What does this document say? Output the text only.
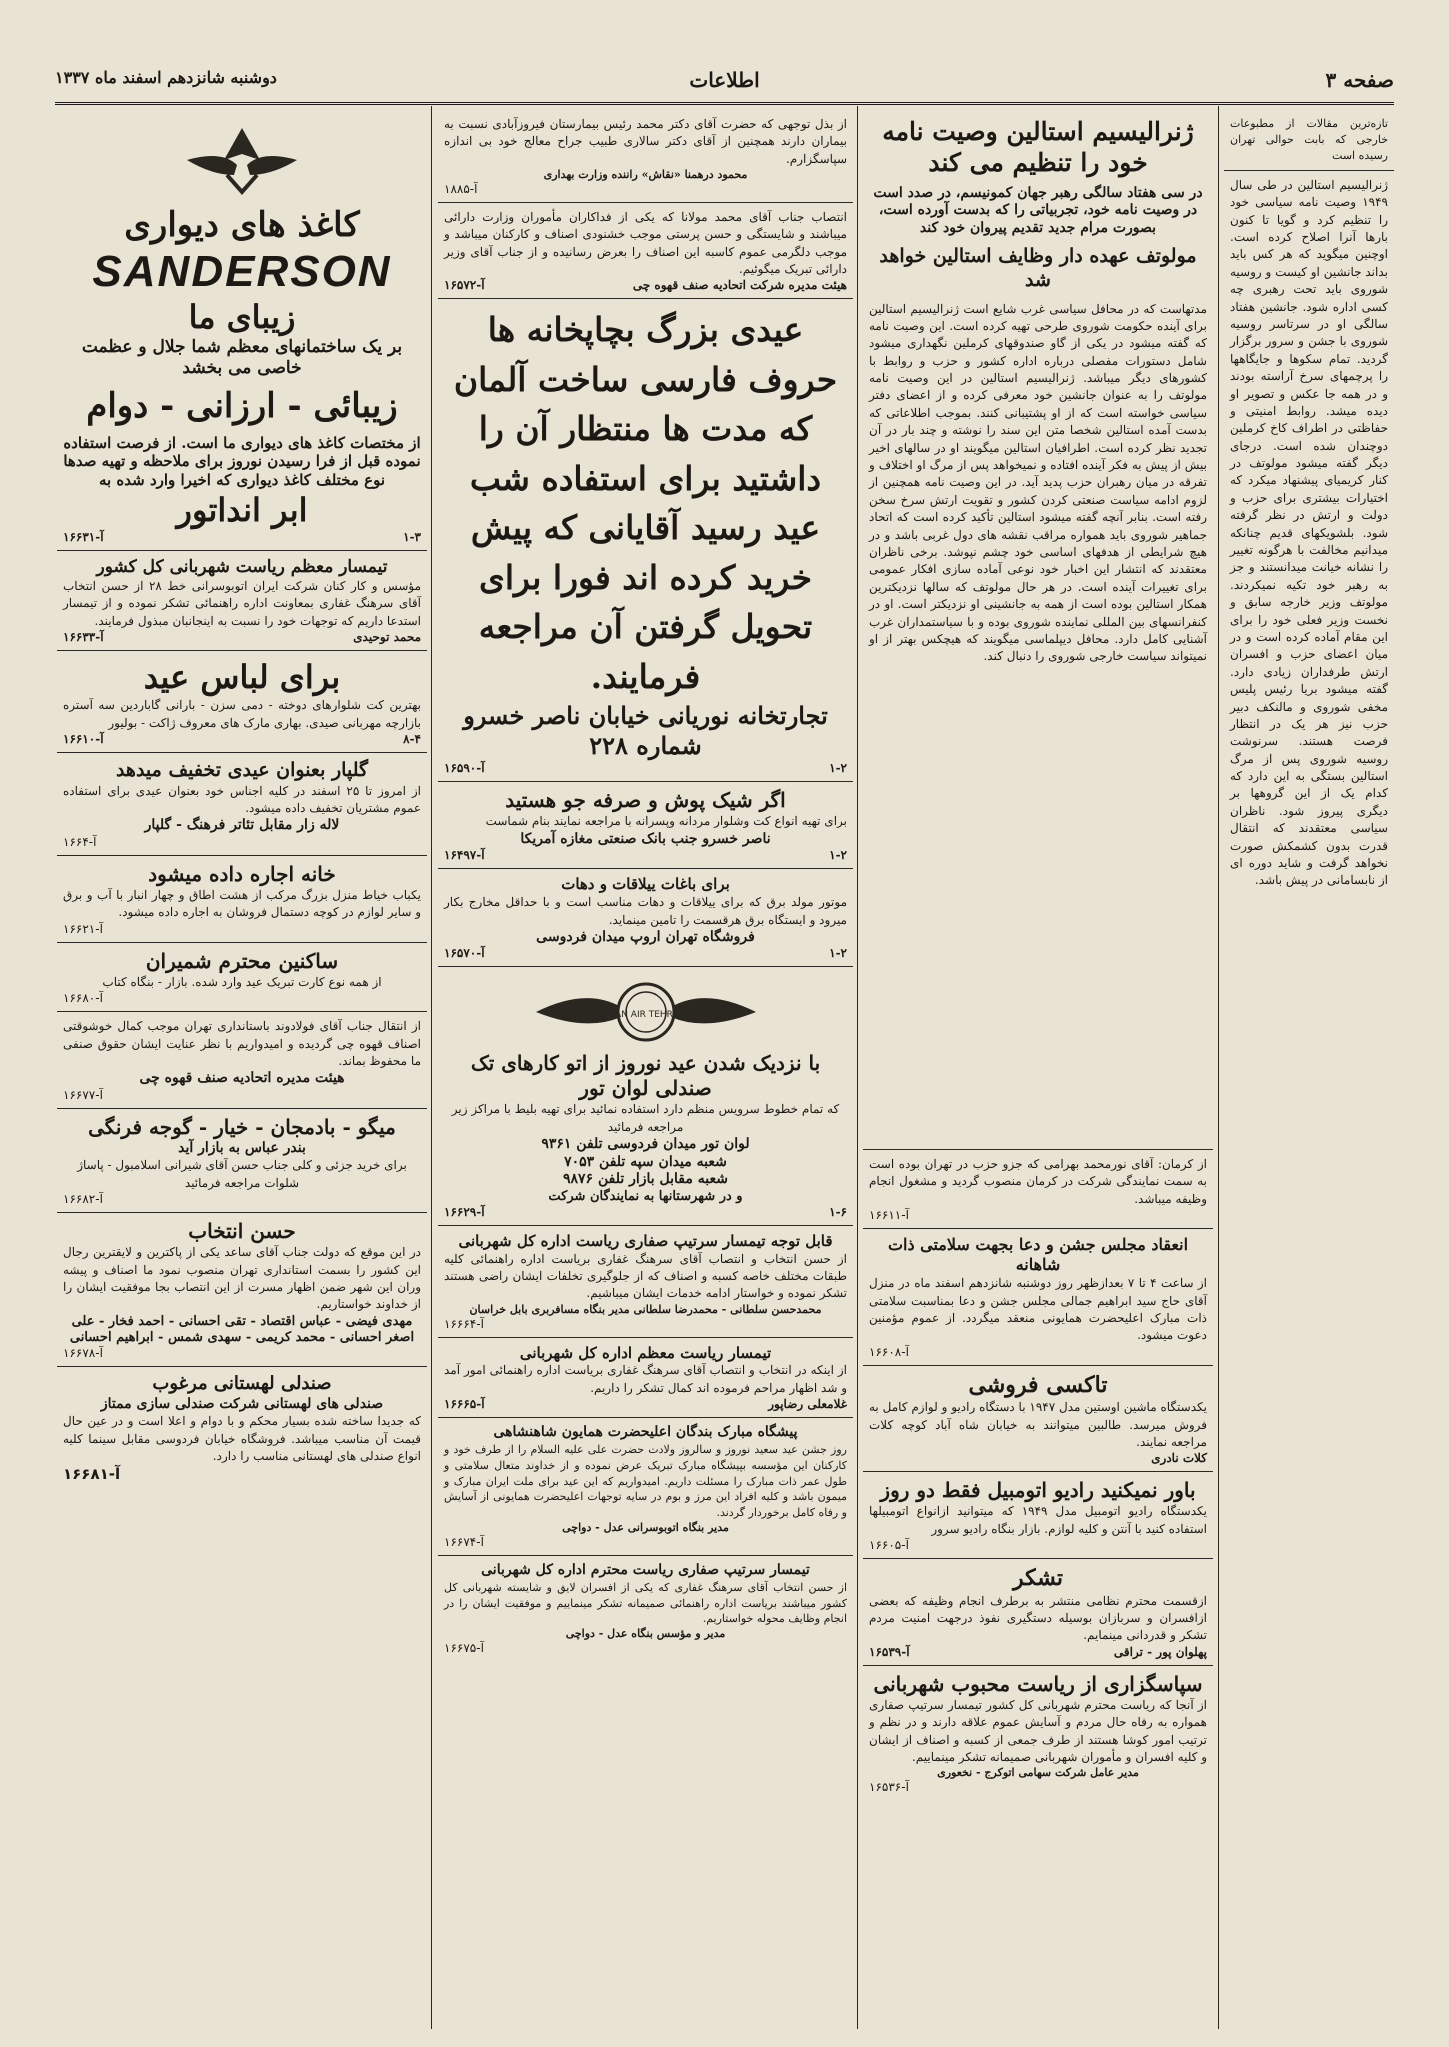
صفحه ۳
اطلاعات
دوشنبه شانزدهم اسفند ماه ۱۳۳۷
تازه‌ترین مقالات از مطبوعات خارجی که بابت حوالی تهران رسیده است
ژنرالیسیم استالین در طی سال ۱۹۴۹ وصیت نامه سیاسی خود را تنظیم کرد و گویا تا کنون بارها آنرا اصلاح کرده است. اوچنین میگوید که هر کس باید بداند جانشین او کیست و روسیه شوروی باید تحت رهبری چه کسی اداره شود. جانشین هفتاد سالگی او در سرتاسر روسیه شوروی با جشن و سرور برگزار گردید. تمام سکوها و جایگاهها را پرچمهای سرخ آراسته بودند و در همه جا عکس و تصویر او دیده میشد. روابط امنیتی و حفاظتی در اطراف کاخ کرملین دوچندان شده است. درجای دیگر گفته میشود مولوتف در کنار کریمیای پیشنهاد میکرد که اختیارات بیشتری برای حزب و دولت و ارتش در نظر گرفته شود. بلشویکهای قدیم چنانکه میدانیم مخالفت با هرگونه تغییر را نشانه خیانت میدانستند و جز به رهبر خود تکیه نمیکردند. مولوتف وزیر خارجه سابق و نخست وزیر فعلی خود را برای این مقام آماده کرده است و در میان اعضای حزب و افسران ارتش طرفداران زیادی دارد. گفته میشود بریا رئیس پلیس مخفی شوروی و مالنکف دبیر حزب نیز هر یک در انتظار فرصت هستند. سرنوشت روسیه شوروی پس از مرگ استالین بستگی به این دارد که کدام یک از این گروهها بر دیگری پیروز شود. ناظران سیاسی معتقدند که انتقال قدرت بدون کشمکش صورت نخواهد گرفت و شاید دوره ای از نابسامانی در پیش باشد.
ژنرالیسیم استالین وصیت نامه خود را تنظیم می کند
در سی هفتاد سالگی رهبر جهان کمونیسم، در صدد است در وصیت نامه خود، تجربیاتی را که بدست آورده است، بصورت مرام جدید تقدیم پیروان خود کند
مولوتف عهده دار وظایف استالین خواهد شد
مدتهاست که در محافل سیاسی غرب شایع است ژنرالیسیم استالین برای آینده حکومت شوروی طرحی تهیه کرده است. این وصیت نامه که گفته میشود در یکی از گاو صندوقهای کرملین نگهداری میشود شامل دستورات مفصلی درباره اداره کشور و حزب و روابط با کشورهای دیگر میباشد. ژنرالیسیم استالین در این وصیت نامه مولوتف را به عنوان جانشین خود معرفی کرده و از اعضای دفتر سیاسی خواسته است که از او پشتیبانی کنند. بموجب اطلاعاتی که بدست آمده استالین شخصا متن این سند را نوشته و چند بار در آن تجدید نظر کرده است. اطرافیان استالین میگویند او در سالهای اخیر بیش از پیش به فکر آینده افتاده و نمیخواهد پس از مرگ او اختلاف و تفرقه در میان رهبران حزب پدید آید. در این وصیت نامه همچنین از لزوم ادامه سیاست صنعتی کردن کشور و تقویت ارتش سرخ سخن رفته است. بنابر آنچه گفته میشود استالین تأکید کرده است که اتحاد جماهیر شوروی باید همواره مراقب نقشه های دول غربی باشد و در هیچ شرایطی از هدفهای اساسی خود چشم نپوشد. برخی ناظران معتقدند که انتشار این اخبار خود نوعی آماده سازی افکار عمومی برای تغییرات آینده است. در هر حال مولوتف که سالها نزدیکترین همکار استالین بوده است از همه به جانشینی او نزدیکتر است. او در کنفرانسهای بین المللی نماینده شوروی بوده و با سیاستمداران غرب آشنایی کامل دارد. محافل دیپلماسی میگویند که هیچکس بهتر از او نمیتواند سیاست خارجی شوروی را دنبال کند.
از کرمان: آقای نورمحمد بهرامی که جزو حزب در تهران بوده است به سمت نمایندگی شرکت در کرمان منصوب گردید و مشغول انجام وظیفه میباشد.
آ-۱۶۶۱۱
انعقاد مجلس جشن و دعا بجهت سلامتی ذات شاهانه
از ساعت ۴ تا ۷ بعدازظهر روز دوشنبه شانزدهم اسفند ماه در منزل آقای حاج سید ابراهیم جمالی مجلس جشن و دعا بمناسبت سلامتی ذات مبارک اعلیحضرت همایونی منعقد میگردد. از عموم مؤمنین دعوت میشود.
آ-۱۶۶۰۸
تاکسی فروشی
یکدستگاه ماشین اوستین مدل ۱۹۴۷ با دستگاه رادیو و لوازم کامل به فروش میرسد. طالبین میتوانند به خیابان شاه آباد کوچه کلات مراجعه نمایند.
کلات نادری
باور نمیکنید رادیو اتومبیل فقط دو روز
یکدستگاه رادیو اتومبیل مدل ۱۹۴۹ که میتوانید ازانواع اتومبیلها استفاده کنید با آنتن و کلیه لوازم. بازار بنگاه رادیو سرور
آ-۱۶۶۰۵
تشکر
ازقسمت محترم نظامی منتشر به برطرف انجام وظیفه که بعضی ازافسران و سربازان بوسیله دستگیری نفوذ درجهت امنیت مردم تشکر و قدردانی مینمایم.
پهلوان پور - تراقی
آ-۱۶۵۳۹
سپاسگزاری از ریاست محبوب شهربانی
از آنجا که ریاست محترم شهربانی کل کشور تیمسار سرتیپ صفاری همواره به رفاه حال مردم و آسایش عموم علاقه دارند و در نظم و ترتیب امور کوشا هستند از طرف جمعی از کسبه و اصناف از ایشان و کلیه افسران و مأموران شهربانی صمیمانه تشکر مینماییم.
مدیر عامل شرکت سهامی اتوکرج - نخعوری
آ-۱۶۵۳۶
از بذل توجهی که حضرت آقای دکتر محمد رئیس بیمارستان فیروزآبادی نسبت به بیماران دارند همچنین از آقای دکتر سالاری طبیب جراح معالج خود بی اندازه سپاسگزارم.
محمود درهمنا «نقاش» راننده وزارت بهداری
آ-۱۸۸۵
انتصاب جناب آقای محمد مولانا که یکی از فداکاران مأموران وزارت دارائی میباشند و شایستگی و حسن پرستی موجب خشنودی اصناف و کارکنان میباشد و موجب دلگرمی عموم کاسبه این اصناف را بعرض رسانیده و از جناب آقای وزیر دارائی تبریک میگوئیم.
هیئت مدیره شرکت اتحادیه صنف قهوه چی
آ-۱۶۵۷۲
عیدی بزرگ بچاپخانه ها حروف فارسی ساخت آلمان که مدت ها منتظار آن را داشتید برای استفاده شب عید رسید آقایانی که پیش خرید کرده اند فورا برای تحویل گرفتن آن مراجعه فرمایند.
تجارتخانه نوریانی خیابان ناصر خسرو شماره ۲۲۸
۱-۲
آ-۱۶۵۹۰
اگر شیک پوش و صرفه جو هستید
برای تهیه انواع کت وشلوار مردانه وپسرانه با مراجعه نمایند بنام شماست
ناصر خسرو جنب بانک صنعتی مغازه آمریکا
۱-۲
آ-۱۶۴۹۷
برای باغات ییلاقات و دهات
موتور مولد برق که برای ییلاقات و دهات مناسب است و با حداقل مخارج بکار میرود و ایستگاه برق هرقسمت را تامین مینماید.
فروشگاه تهران اروپ میدان فردوسی
۱-۲
آ-۱۶۵۷۰
IRAN AIR TEHRAN
با نزدیک شدن عید نوروز از اتو کارهای تک صندلی لوان تور
که تمام خطوط سرویس منظم دارد استفاده نمائید برای تهیه بلیط با مراکز زیر مراجعه فرمائید
لوان تور میدان فردوسی تلفن ۹۳۶۱
شعبه میدان سپه تلفن ۷۰۵۳
شعبه مقابل بازار تلفن ۹۸۷۶
و در شهرستانها به نمایندگان شرکت
۱-۶
آ-۱۶۶۲۹
قابل توجه تیمسار سرتیپ صفاری ریاست اداره کل شهربانی
از حسن انتخاب و انتصاب آقای سرهنگ غفاری بریاست اداره راهنمائی کلیه طبقات مختلف خاصه کسبه و اصناف که از جلوگیری تخلفات ایشان راضی هستند تشکر نموده و خواستار ادامه خدمات ایشان میباشیم.
محمدحسن سلطانی - محمدرضا سلطانی مدیر بنگاه مسافربری بابل خراسان
آ-۱۶۶۶۴
تیمسار ریاست معظم اداره کل شهربانی
از اینکه در انتخاب و انتصاب آقای سرهنگ غفاری بریاست اداره راهنمائی امور آمد و شد اظهار مراحم فرموده اند کمال تشکر را داریم.
غلامعلی رضاپور
آ-۱۶۶۶۵
پیشگاه مبارک بندگان اعلیحضرت همایون شاهنشاهی
روز جشن عید سعید نوروز و سالروز ولادت حضرت علی علیه السلام را از طرف خود و کارکنان این مؤسسه بپیشگاه مبارک تبریک عرض نموده و از خداوند متعال سلامتی و طول عمر ذات مبارک را مسئلت داریم. امیدواریم که این عید برای ملت ایران مبارک و میمون باشد و کلیه افراد این مرز و بوم در سایه توجهات اعلیحضرت همایونی از آسایش و رفاه کامل برخوردار گردند.
مدیر بنگاه اتوبوسرانی عدل - دواچی
آ-۱۶۶۷۴
تیمسار سرتیپ صفاری ریاست محترم اداره کل شهربانی
از حسن انتخاب آقای سرهنگ غفاری که یکی از افسران لایق و شایسته شهربانی کل کشور میباشند بریاست اداره راهنمائی صمیمانه تشکر مینماییم و موفقیت ایشان را در انجام وظایف محوله خواستاریم.
مدیر و مؤسس بنگاه عدل - دواچی
آ-۱۶۶۷۵
کاغذ های دیواری
SANDERSON
زیبای ما
بر یک ساختمانهای معظم شما جلال و عظمت خاصی می بخشد
زیبائی - ارزانی - دوام
از مختصات کاغذ های دیواری ما است. از فرصت استفاده نموده قبل از فرا رسیدن نوروز برای ملاحظه و تهیه صدها نوع مختلف کاغذ دیواری که اخیرا وارد شده به
ابر انداتور
۱-۳
آ-۱۶۶۳۱
تیمسار معظم ریاست شهربانی کل کشور
مؤسس و کار کنان شرکت ایران اتوبوسرانی خط ۲۸ از حسن انتخاب آقای سرهنگ غفاری بمعاونت اداره راهنمائی تشکر نموده و از تیمسار استدعا داریم که توجهات خود را نسبت به اینجانبان مبذول فرمایند.
محمد توحیدی
آ-۱۶۶۳۳
برای لباس عید
بهترین کت شلوارهای دوخته - دمی سزن - بارانی گاباردین سه آستره بازارچه مهربانی صیدی. بهاری مارک های معروف ژاکت - بولیور
۸-۴
آ-۱۶۶۱۰
گلپار بعنوان عیدی تخفیف میدهد
از امروز تا ۲۵ اسفند در کلیه اجناس خود بعنوان عیدی برای استفاده عموم مشتریان تخفیف داده میشود.
لاله زار مقابل تئاتر فرهنگ - گلپار
آ-۱۶۶۴
خانه اجاره داده میشود
یکباب خیاط منزل بزرگ مرکب از هشت اطاق و چهار انبار با آب و برق و سایر لوازم در کوچه دستمال فروشان به اجاره داده میشود.
آ-۱۶۶۲۱
ساکنین محترم شمیران
از همه نوع کارت تبریک عید وارد شده. بازار - بنگاه کتاب
آ-۱۶۶۸۰
از انتقال جناب آقای فولادوند باستانداری تهران موجب کمال خوشوقتی اصناف قهوه چی گردیده و امیدواریم با نظر عنایت ایشان حقوق صنفی ما محفوظ بماند.
هیئت مدیره اتحادیه صنف قهوه چی
آ-۱۶۶۷۷
میگو - بادمجان - خیار - گوجه فرنگی
بندر عباس به بازار آید
برای خرید جزئی و کلی جناب حسن آقای شیرانی اسلامبول - پاساژ شلوات مراجعه فرمائید
آ-۱۶۶۸۲
حسن انتخاب
در این موقع که دولت جناب آقای ساعد یکی از پاکترین و لایقترین رجال این کشور را بسمت استانداری تهران منصوب نمود ما اصناف و پیشه وران این شهر ضمن اظهار مسرت از این انتصاب بجا موفقیت ایشان را از خداوند خواستاریم.
مهدی فیضی - عباس اقتصاد - تقی احسانی - احمد فخار - علی اصغر احسانی - محمد کریمی - سهدی شمس - ابراهیم احسانی
آ-۱۶۶۷۸
صندلی لهستانی مرغوب
صندلی های لهستانی شرکت صندلی سازی ممتاز
که جدیدا ساخته شده بسیار محکم و با دوام و اعلا است و در عین حال قیمت آن مناسب میباشد. فروشگاه خیابان فردوسی مقابل سینما کلیه انواع صندلی های لهستانی مناسب را دارد.
آ-۱۶۶۸۱
